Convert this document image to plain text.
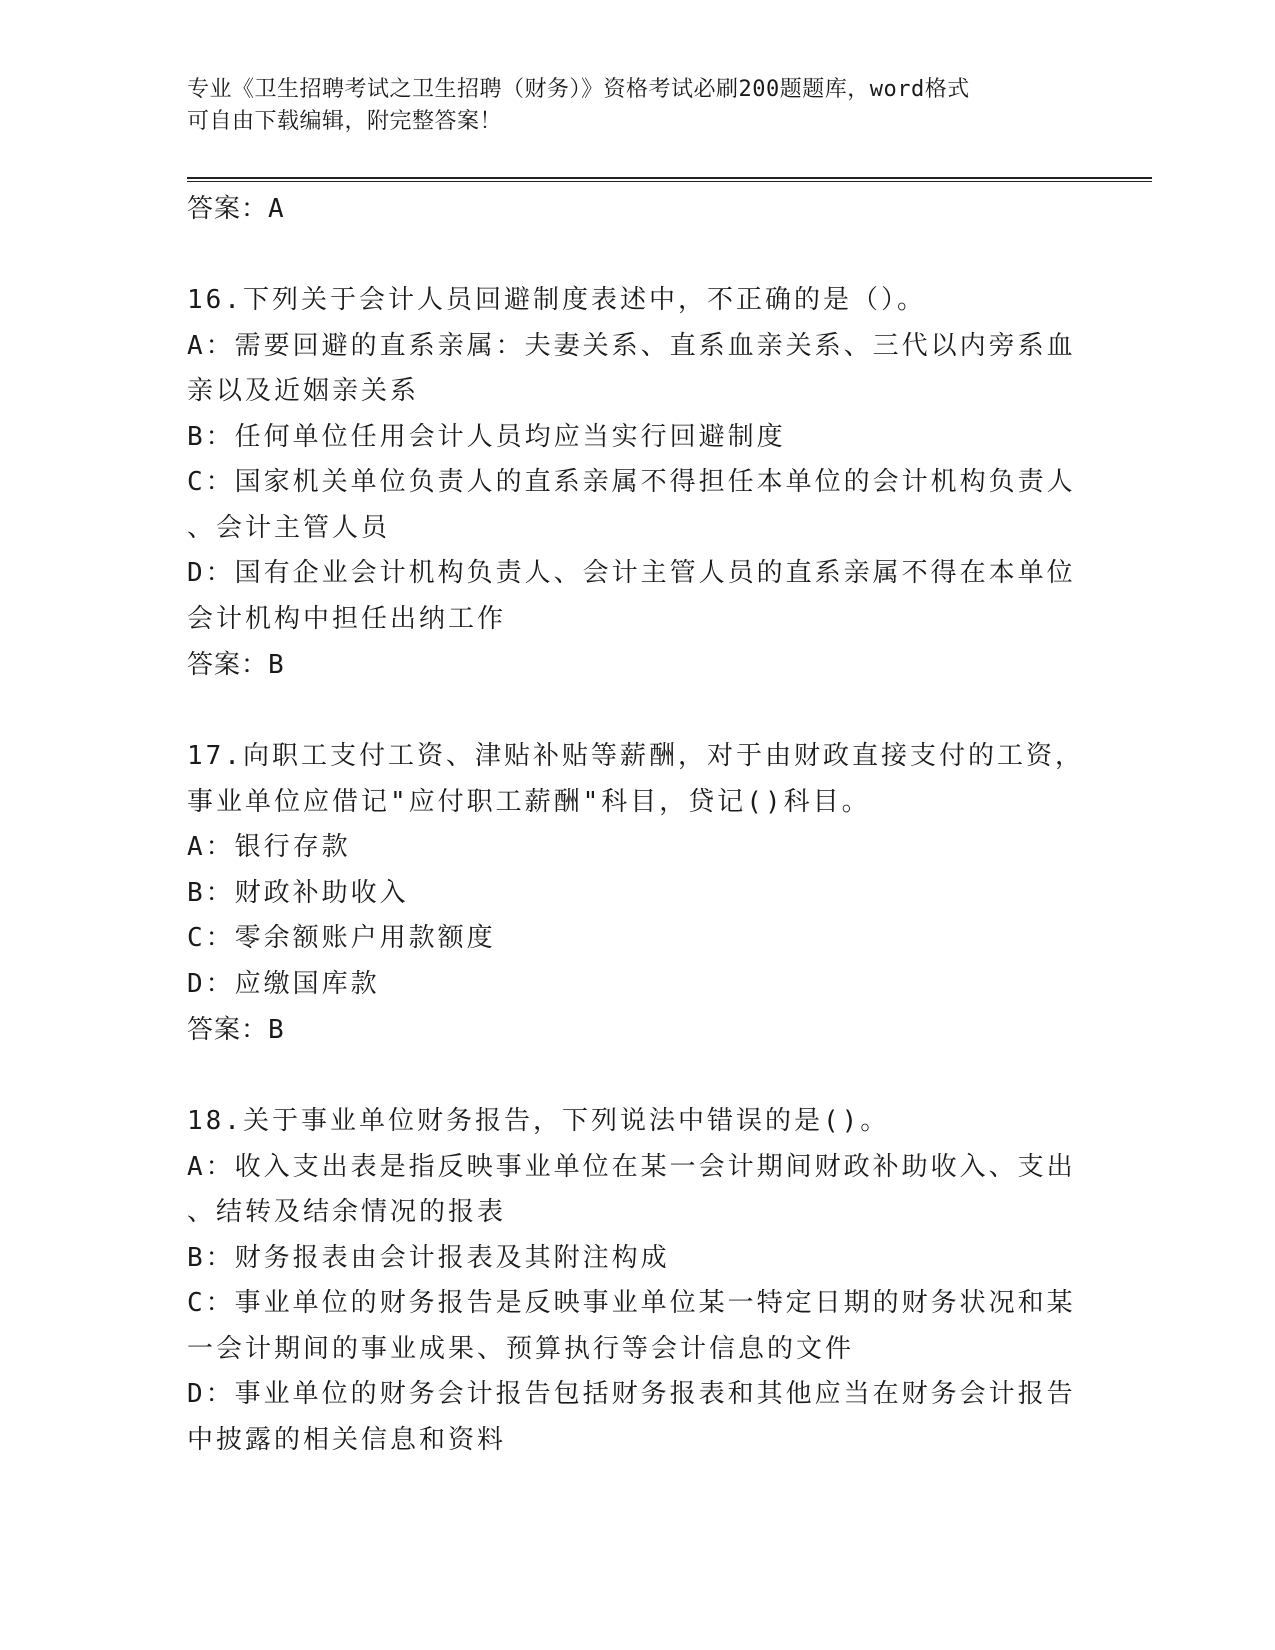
专业《卫生招聘考试之卫生招聘（财务）》资格考试必刷200题题库，word格式
可自由下载编辑，附完整答案！
答案：A
16.下列关于会计人员回避制度表述中，不正确的是（）。
A：需要回避的直系亲属：夫妻关系、直系血亲关系、三代以内旁系血
亲以及近姻亲关系
B：任何单位任用会计人员均应当实行回避制度
C：国家机关单位负责人的直系亲属不得担任本单位的会计机构负责人
、会计主管人员
D：国有企业会计机构负责人、会计主管人员的直系亲属不得在本单位
会计机构中担任出纳工作
答案：B
17.向职工支付工资、津贴补贴等薪酬，对于由财政直接支付的工资，
事业单位应借记"应付职工薪酬"科目，贷记()科目。
A：银行存款
B：财政补助收入
C：零余额账户用款额度
D：应缴国库款
答案：B
18.关于事业单位财务报告，下列说法中错误的是()。
A：收入支出表是指反映事业单位在某一会计期间财政补助收入、支出
、结转及结余情况的报表
B：财务报表由会计报表及其附注构成
C：事业单位的财务报告是反映事业单位某一特定日期的财务状况和某
一会计期间的事业成果、预算执行等会计信息的文件
D：事业单位的财务会计报告包括财务报表和其他应当在财务会计报告
中披露的相关信息和资料
